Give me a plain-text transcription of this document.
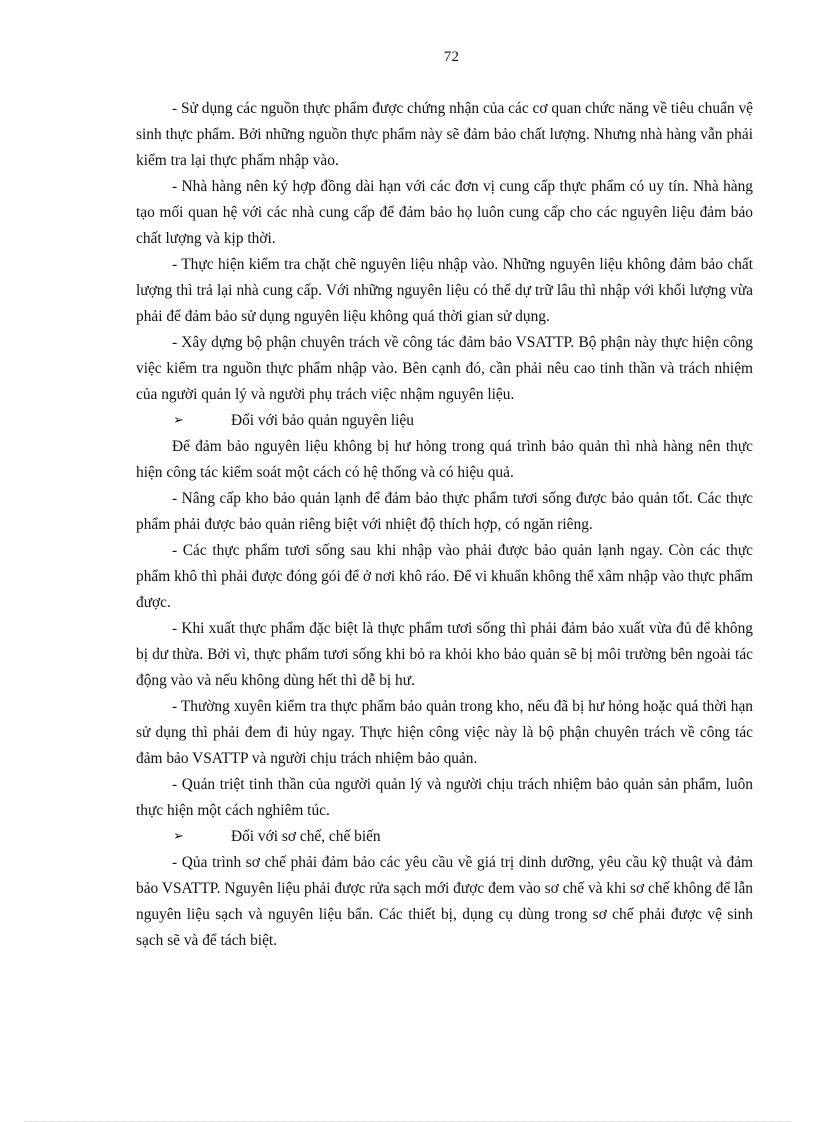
72

- Sử dụng các nguồn thực phẩm được chứng nhận của các cơ quan chức năng về tiêu chuẩn vệ sinh thực phẩm. Bởi những nguồn thực phẩm này sẽ đảm bảo chất lượng. Nhưng nhà hàng vẫn phải kiểm tra lại thực phẩm nhập vào.

- Nhà hàng nên ký hợp đồng dài hạn với các đơn vị cung cấp thực phẩm có uy tín. Nhà hàng tạo mối quan hệ với các nhà cung cấp để đảm bảo họ luôn cung cấp cho các nguyên liệu đảm bảo chất lượng và kịp thời.

- Thực hiện kiểm tra chặt chẽ nguyên liệu nhập vào. Những nguyên liệu không đảm bảo chất lượng thì trả lại nhà cung cấp. Với những nguyên liệu có thể dự trữ lâu thì nhập với khối lượng vừa phải để đảm bảo sử dụng nguyên liệu không quá thời gian sử dụng.

- Xây dựng bộ phận chuyên trách về công tác đảm bảo VSATTP. Bộ phận này thực hiện công việc kiểm tra nguồn thực phẩm nhập vào. Bên cạnh đó, cần phải nêu cao tinh thần và trách nhiệm của người quản lý và người phụ trách việc nhậm nguyên liệu.

➢	Đối với bảo quản nguyên liệu

Để đảm bảo nguyên liệu không bị hư hỏng trong quá trình bảo quản thì nhà hàng nên thực hiện công tác kiểm soát một cách có hệ thống và có hiệu quả.

- Nâng cấp kho bảo quản lạnh để đảm bảo thực phẩm tươi sống được bảo quản tốt. Các thực phẩm phải được bảo quản riêng biệt với nhiệt độ thích hợp, có ngăn riêng.

- Các thực phẩm tươi sống sau khi nhập vào phải được bảo quản lạnh ngay. Còn các thực phẩm khô thì phải được đóng gói để ở nơi khô ráo. Để vi khuẩn không thể xâm nhập vào thực phẩm được.

- Khi xuất thực phẩm đặc biệt là thực phẩm tươi sống thì phải đảm bảo xuất vừa đủ để không bị dư thừa. Bởi vì, thực phẩm tươi sống khi bỏ ra khỏi kho bảo quản sẽ bị môi trường bên ngoài tác động vào và nếu không dùng hết thì dễ bị hư.

- Thường xuyên kiểm tra thực phẩm bảo quản trong kho, nếu đã bị hư hỏng hoặc quá thời hạn sử dụng thì phải đem đi hủy ngay. Thực hiện công việc này là bộ phận chuyên trách về công tác đảm bảo VSATTP và người chịu trách nhiệm bảo quản.

- Quán triệt tinh thần của người quản lý và người chịu trách nhiệm bảo quản sản phẩm, luôn thực hiện một cách nghiêm túc.

➢	Đối với sơ chế, chế biến

- Qủa trình sơ chế phải đảm bảo các yêu cầu về giá trị dinh dưỡng, yêu cầu kỹ thuật và đảm bảo VSATTP. Nguyên liệu phải được rửa sạch mới được đem vào sơ chế và khi sơ chế không để lẫn nguyên liệu sạch và nguyên liệu bẩn. Các thiết bị, dụng cụ dùng trong sơ chế phải được vệ sinh sạch sẽ và để tách biệt.
